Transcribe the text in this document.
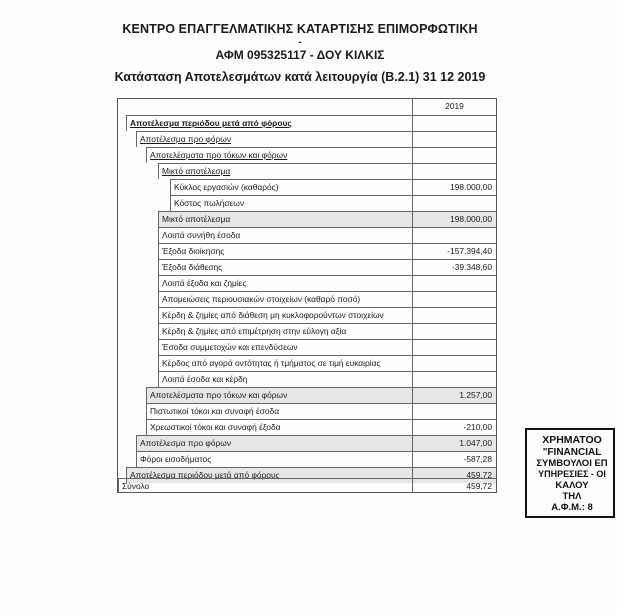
ΚΕΝΤΡΟ ΕΠΑΓΓΕΛΜΑΤΙΚΗΣ ΚΑΤΑΡΤΙΣΗΣ ΕΠΙΜΟΡΦΩΤΙΚΗ
-
ΑΦΜ 095325117 - ΔΟΥ ΚΙΛΚΙΣ
Κατάσταση Αποτελεσμάτων κατά λειτουργία (Β.2.1) 31 12 2019
2019
Αποτέλεσμα περιόδου μετά από φόρους
Αποτέλεσμα προ φόρων
Αποτελέσματα προ τόκων και φόρων
Μικτό αποτέλεσμα
Κύκλος εργασιών (καθαρός)	198.000,00
Κόστος πωλήσεων
Μικτό αποτέλεσμα	198.000,00
Λοιπά συνήθη έσοδα
Έξοδα διοίκησης	-157.394,40
Έξοδα διάθεσης	-39.348,60
Λοιπά έξοδα και ζημίες
Απομειώσεις περιουσιακών στοιχείων (καθαρό ποσό)
Κέρδη & ζημίες από διάθεση μη κυκλοφορούντων στοιχείων
Κέρδη & ζημίες από επιμέτρηση στην εύλογη αξία
Έσοδα συμμετοχών και επενδύσεων
Κέρδος από αγορά οντότητας ή τμήματος σε τιμή ευκαιρίας
Λοιπά έσοδα και κέρδη
Αποτελέσματα προ τόκων και φόρων	1.257,00
Πιστωτικοί τόκοι και συναφή έσοδα
Χρεωστικοί τόκοι και συναφή έξοδα	-210,00
Αποτέλεσμα προ φόρων	1.047,00
Φόροι εισοδήματος	-587,28
Αποτέλεσμα περιόδου μετά από φόρους	459,72
Σύνολο	459,72
ΧΡΗΜΑΤΟΟ
"FINANCIAL
ΣΥΜΒΟΥΛΟΙ ΕΠ
ΥΠΗΡΕΣΙΕΣ - ΟΙ
ΚΑΛΟΥ
ΤΗΛ
Α.Φ.Μ.: 8
